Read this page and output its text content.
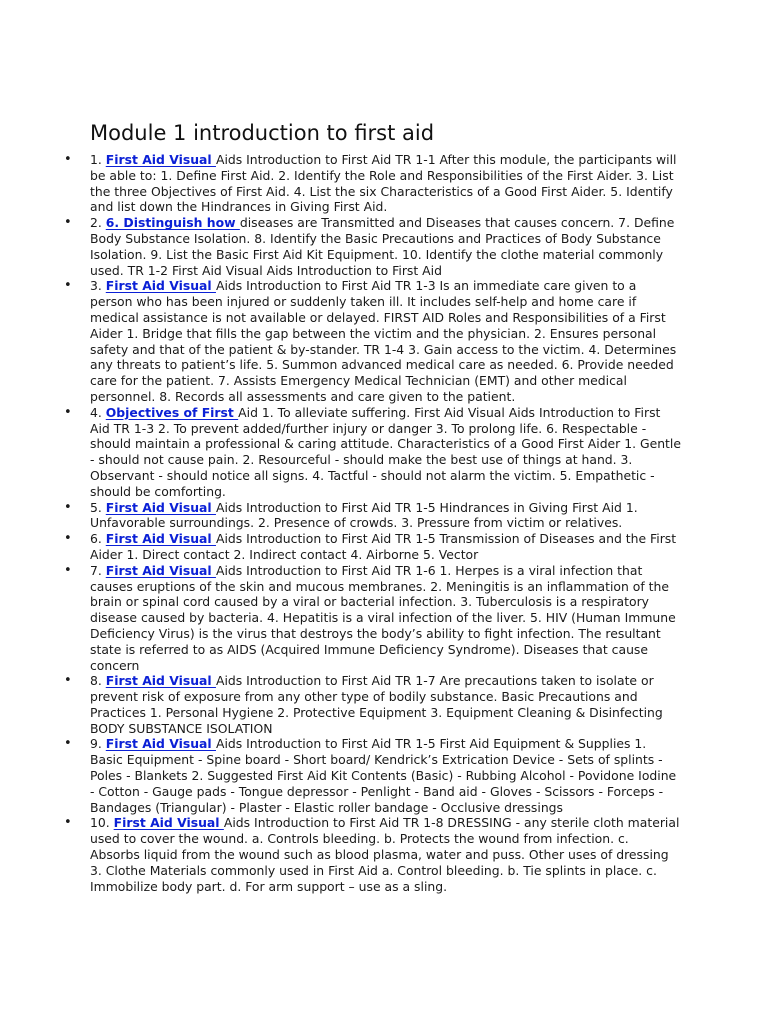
Module 1 introduction to first aid
• 1. First Aid Visual Aids Introduction to First Aid TR 1-1 After this module, the participants will be able to: 1. Define First Aid. 2. Identify the Role and Responsibilities of the First Aider. 3. List the three Objectives of First Aid. 4. List the six Characteristics of a Good First Aider. 5. Identify and list down the Hindrances in Giving First Aid.
• 2. 6. Distinguish how diseases are Transmitted and Diseases that causes concern. 7. Define Body Substance Isolation. 8. Identify the Basic Precautions and Practices of Body Substance Isolation. 9. List the Basic First Aid Kit Equipment. 10. Identify the clothe material commonly used. TR 1-2 First Aid Visual Aids Introduction to First Aid
• 3. First Aid Visual Aids Introduction to First Aid TR 1-3 Is an immediate care given to a person who has been injured or suddenly taken ill. It includes self-help and home care if medical assistance is not available or delayed. FIRST AID Roles and Responsibilities of a First Aider 1. Bridge that fills the gap between the victim and the physician. 2. Ensures personal safety and that of the patient & by-stander. TR 1-4 3. Gain access to the victim. 4. Determines any threats to patient’s life. 5. Summon advanced medical care as needed. 6. Provide needed care for the patient. 7. Assists Emergency Medical Technician (EMT) and other medical personnel. 8. Records all assessments and care given to the patient.
• 4. Objectives of First Aid 1. To alleviate suffering. First Aid Visual Aids Introduction to First Aid TR 1-3 2. To prevent added/further injury or danger 3. To prolong life. 6. Respectable - should maintain a professional & caring attitude. Characteristics of a Good First Aider 1. Gentle - should not cause pain. 2. Resourceful - should make the best use of things at hand. 3. Observant - should notice all signs. 4. Tactful - should not alarm the victim. 5. Empathetic - should be comforting.
• 5. First Aid Visual Aids Introduction to First Aid TR 1-5 Hindrances in Giving First Aid 1. Unfavorable surroundings. 2. Presence of crowds. 3. Pressure from victim or relatives.
• 6. First Aid Visual Aids Introduction to First Aid TR 1-5 Transmission of Diseases and the First Aider 1. Direct contact 2. Indirect contact 4. Airborne 5. Vector
• 7. First Aid Visual Aids Introduction to First Aid TR 1-6 1. Herpes is a viral infection that causes eruptions of the skin and mucous membranes. 2. Meningitis is an inflammation of the brain or spinal cord caused by a viral or bacterial infection. 3. Tuberculosis is a respiratory disease caused by bacteria. 4. Hepatitis is a viral infection of the liver. 5. HIV (Human Immune Deficiency Virus) is the virus that destroys the body’s ability to fight infection. The resultant state is referred to as AIDS (Acquired Immune Deficiency Syndrome). Diseases that cause concern
• 8. First Aid Visual Aids Introduction to First Aid TR 1-7 Are precautions taken to isolate or prevent risk of exposure from any other type of bodily substance. Basic Precautions and Practices 1. Personal Hygiene 2. Protective Equipment 3. Equipment Cleaning & Disinfecting BODY SUBSTANCE ISOLATION
• 9. First Aid Visual Aids Introduction to First Aid TR 1-5 First Aid Equipment & Supplies 1. Basic Equipment - Spine board - Short board/ Kendrick’s Extrication Device - Sets of splints - Poles - Blankets 2. Suggested First Aid Kit Contents (Basic) - Rubbing Alcohol - Povidone Iodine - Cotton - Gauge pads - Tongue depressor - Penlight - Band aid - Gloves - Scissors - Forceps - Bandages (Triangular) - Plaster - Elastic roller bandage - Occlusive dressings
• 10. First Aid Visual Aids Introduction to First Aid TR 1-8 DRESSING - any sterile cloth material used to cover the wound. a. Controls bleeding. b. Protects the wound from infection. c. Absorbs liquid from the wound such as blood plasma, water and puss. Other uses of dressing 3. Clothe Materials commonly used in First Aid a. Control bleeding. b. Tie splints in place. c. Immobilize body part. d. For arm support – use as a sling.
